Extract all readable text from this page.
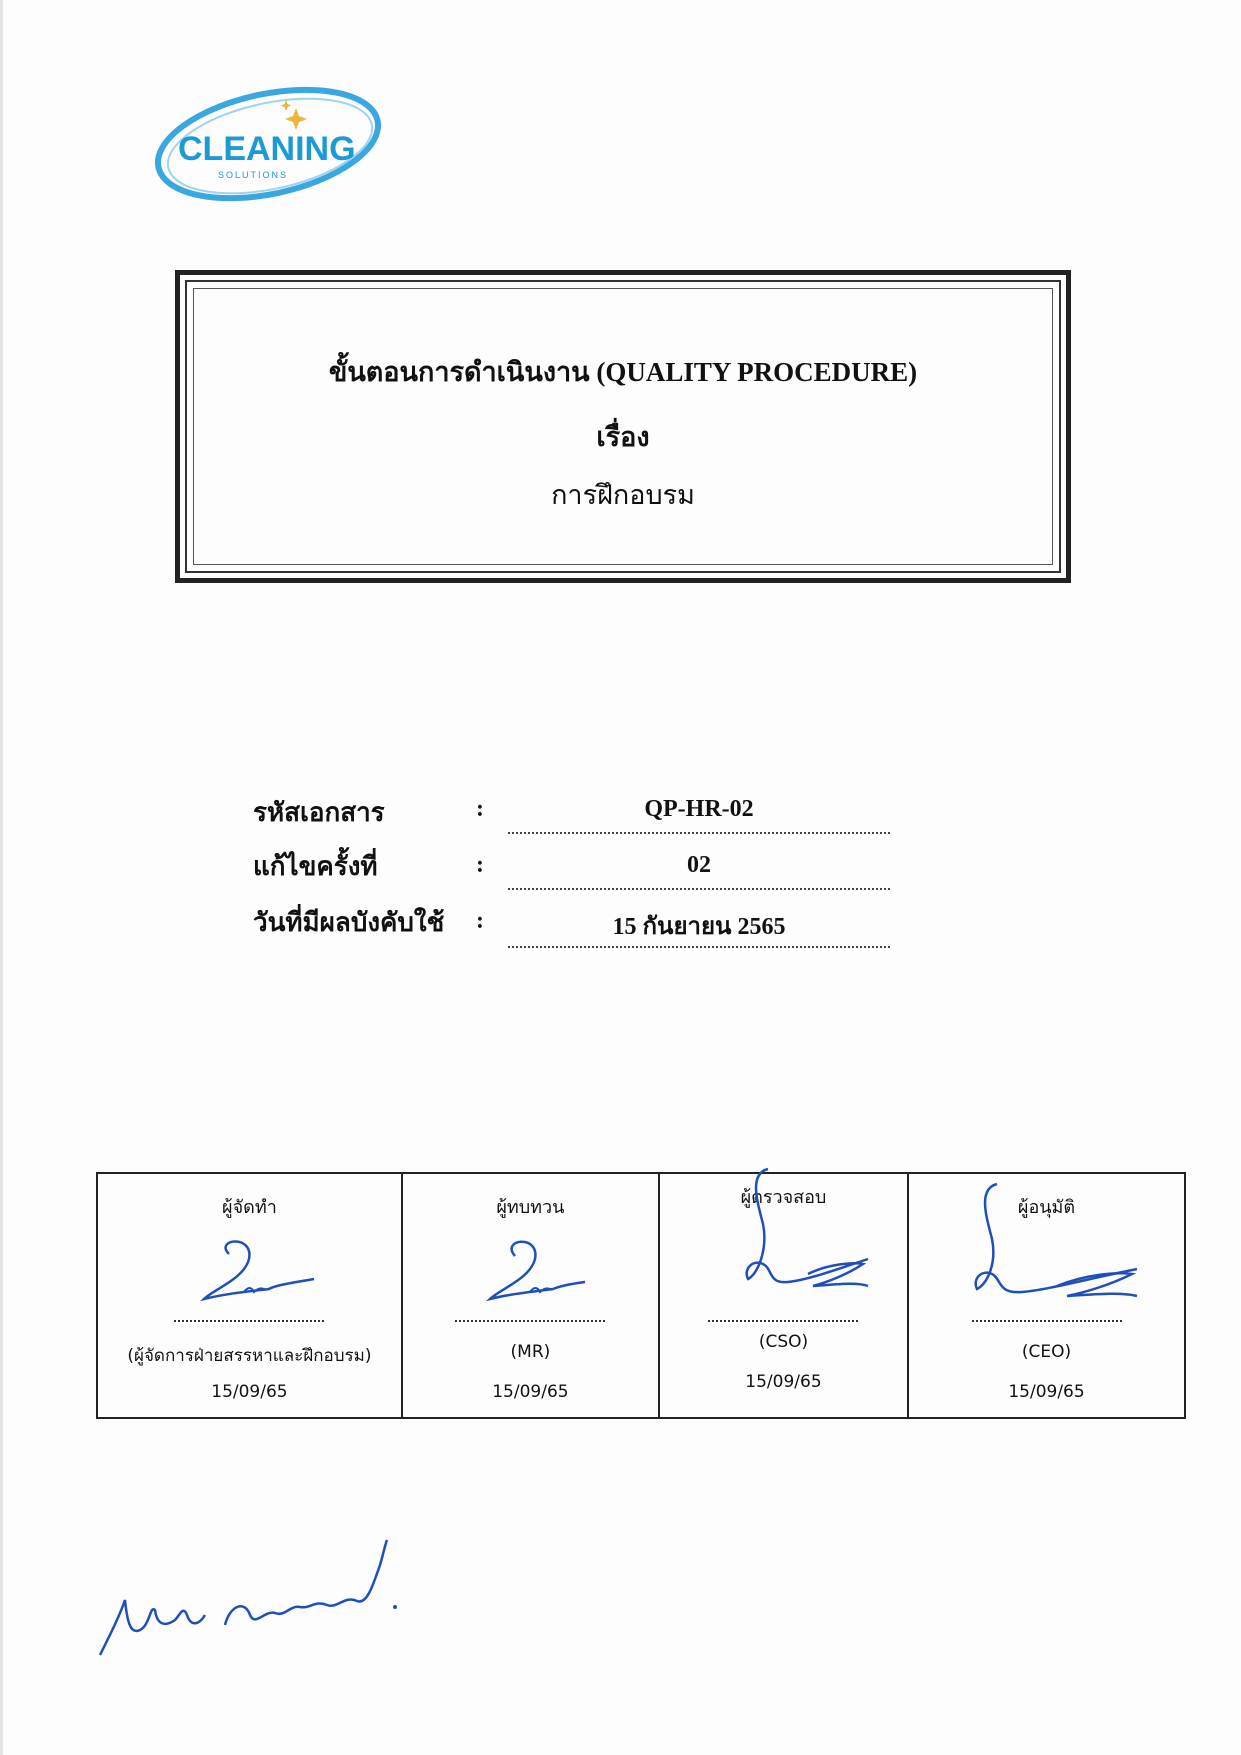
CLEANING
SOLUTIONS
ขั้นตอนการดำเนินงาน (QUALITY PROCEDURE)
เรื่อง
การฝึกอบรม
รหัสเอกสาร	:	QP-HR-02
แก้ไขครั้งที่	:	02
วันที่มีผลบังคับใช้ :	15 กันยายน 2565
ผู้จัดทำ
(ผู้จัดการฝ่ายสรรหาและฝึกอบรม)
15/09/65
ผู้ทบทวน
(MR)
15/09/65
ผู้ตรวจสอบ
(CSO)
15/09/65
ผู้อนุมัติ
(CEO)
15/09/65
